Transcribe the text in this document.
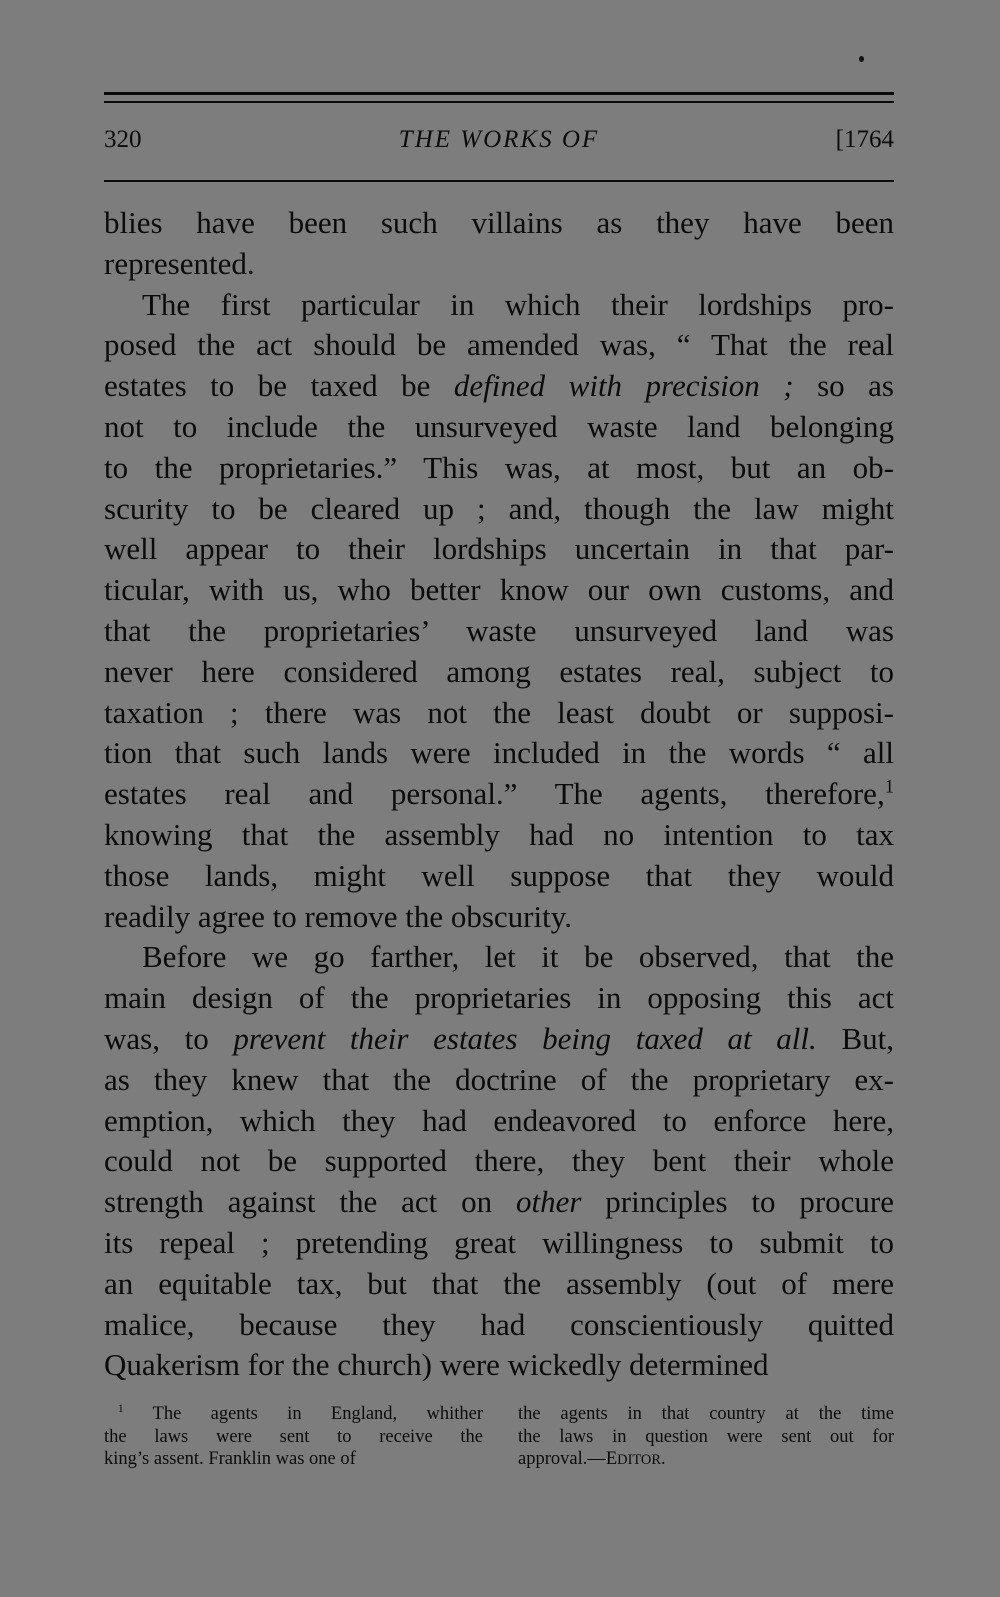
320	THE WORKS OF	[1764
blies have been such villains as they have been
represented.
The first particular in which their lordships pro-
posed the act should be amended was, “ That the real
estates to be taxed be defined with precision ; so as
not to include the unsurveyed waste land belonging
to the proprietaries.” This was, at most, but an ob-
scurity to be cleared up ; and, though the law might
well appear to their lordships uncertain in that par-
ticular, with us, who better know our own customs, and
that the proprietaries’ waste unsurveyed land was
never here considered among estates real, subject to
taxation ; there was not the least doubt or supposi-
tion that such lands were included in the words “ all
estates real and personal.” The agents, therefore,$^1$
knowing that the assembly had no intention to tax
those lands, might well suppose that they would
readily agree to remove the obscurity.
Before we go farther, let it be observed, that the
main design of the proprietaries in opposing this act
was, to prevent their estates being taxed at all. But,
as they knew that the doctrine of the proprietary ex-
emption, which they had endeavored to enforce here,
could not be supported there, they bent their whole
strength against the act on other principles to procure
its repeal ; pretending great willingness to submit to
an equitable tax, but that the assembly (out of mere
malice, because they had conscientiously quitted
Quakerism for the church) were wickedly determined
$^1$ The agents in England, whither
the laws were sent to receive the
king’s assent. Franklin was one of
the agents in that country at the time
the laws in question were sent out for
approval.—EDITOR.
